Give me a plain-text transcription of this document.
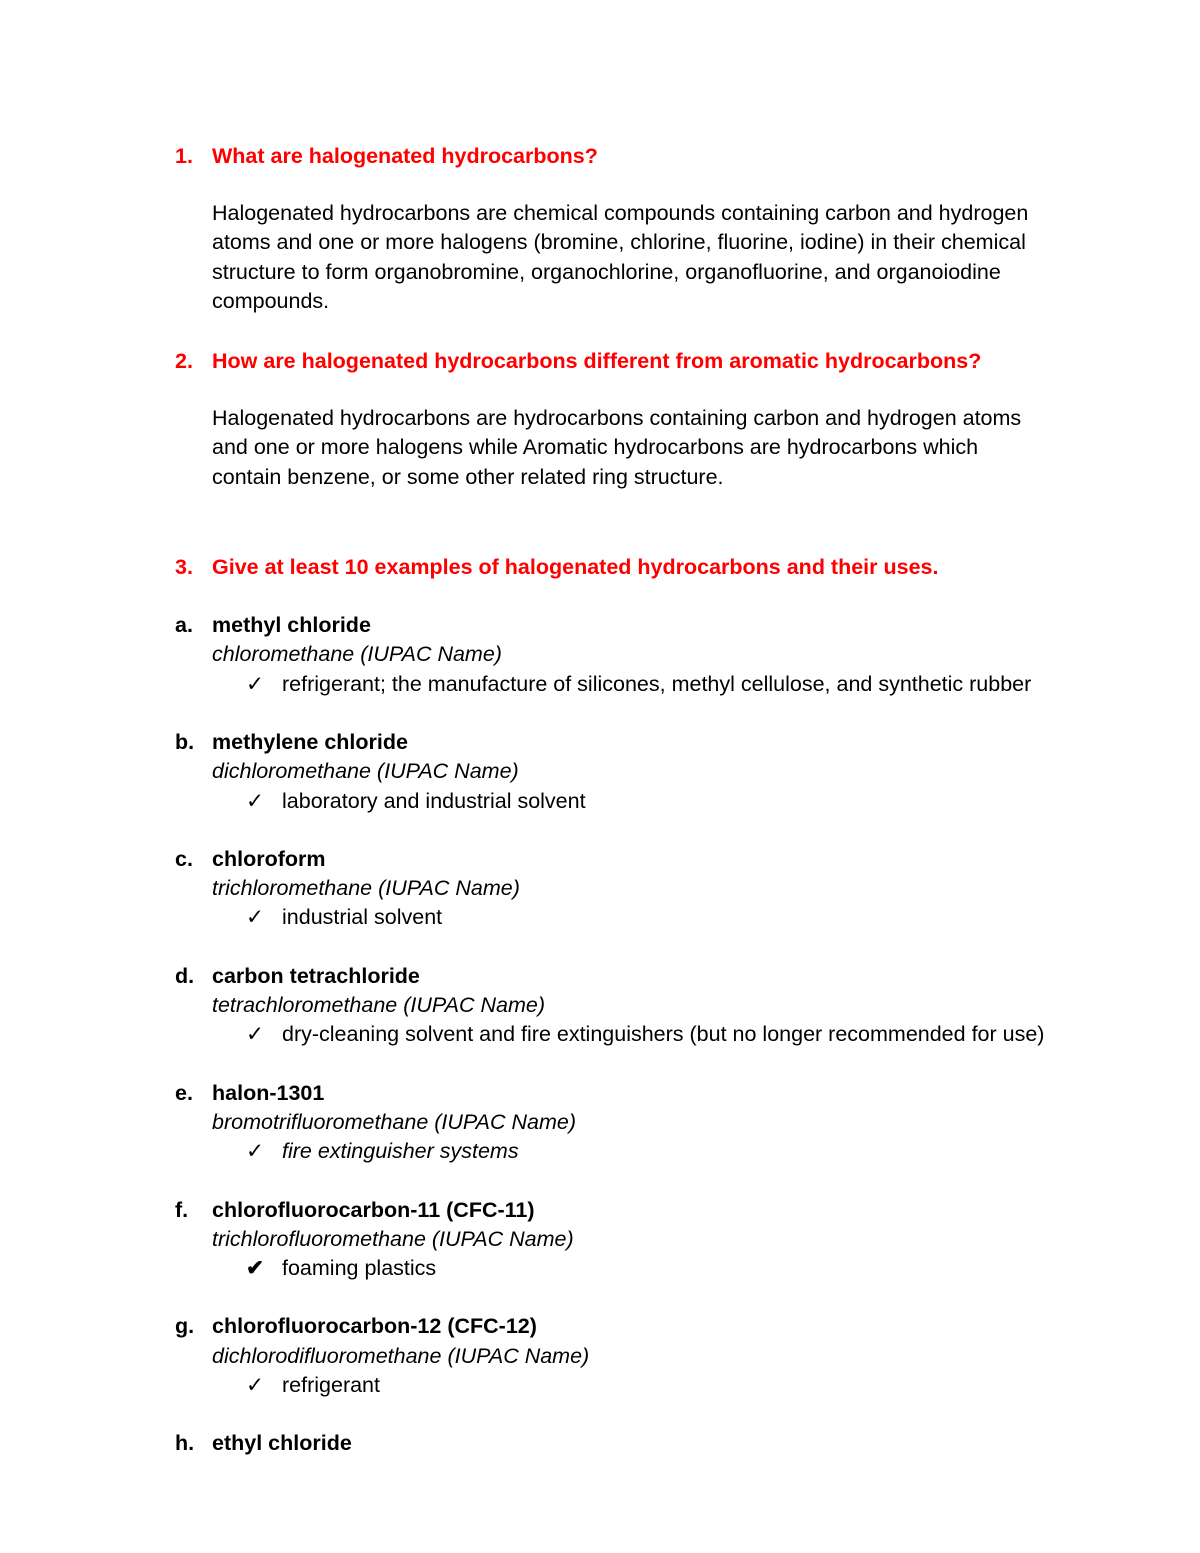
1. What are halogenated hydrocarbons?
Halogenated hydrocarbons are chemical compounds containing carbon and hydrogen
atoms and one or more halogens (bromine, chlorine, fluorine, iodine) in their chemical
structure to form organobromine, organochlorine, organofluorine, and organoiodine
compounds.
2. How are halogenated hydrocarbons different from aromatic hydrocarbons?
Halogenated hydrocarbons are hydrocarbons containing carbon and hydrogen atoms
and one or more halogens while Aromatic hydrocarbons are hydrocarbons which
contain benzene, or some other related ring structure.
3. Give at least 10 examples of halogenated hydrocarbons and their uses.
a. methyl chloride
chloromethane (IUPAC Name)
✓ refrigerant; the manufacture of silicones, methyl cellulose, and synthetic rubber
b. methylene chloride
dichloromethane (IUPAC Name)
✓ laboratory and industrial solvent
c. chloroform
trichloromethane (IUPAC Name)
✓ industrial solvent
d. carbon tetrachloride
tetrachloromethane (IUPAC Name)
✓ dry-cleaning solvent and fire extinguishers (but no longer recommended for use)
e. halon-1301
bromotrifluoromethane (IUPAC Name)
✓ fire extinguisher systems
f. chlorofluorocarbon-11 (CFC-11)
trichlorofluoromethane (IUPAC Name)
✔ foaming plastics
g. chlorofluorocarbon-12 (CFC-12)
dichlorodifluoromethane (IUPAC Name)
✓ refrigerant
h. ethyl chloride
